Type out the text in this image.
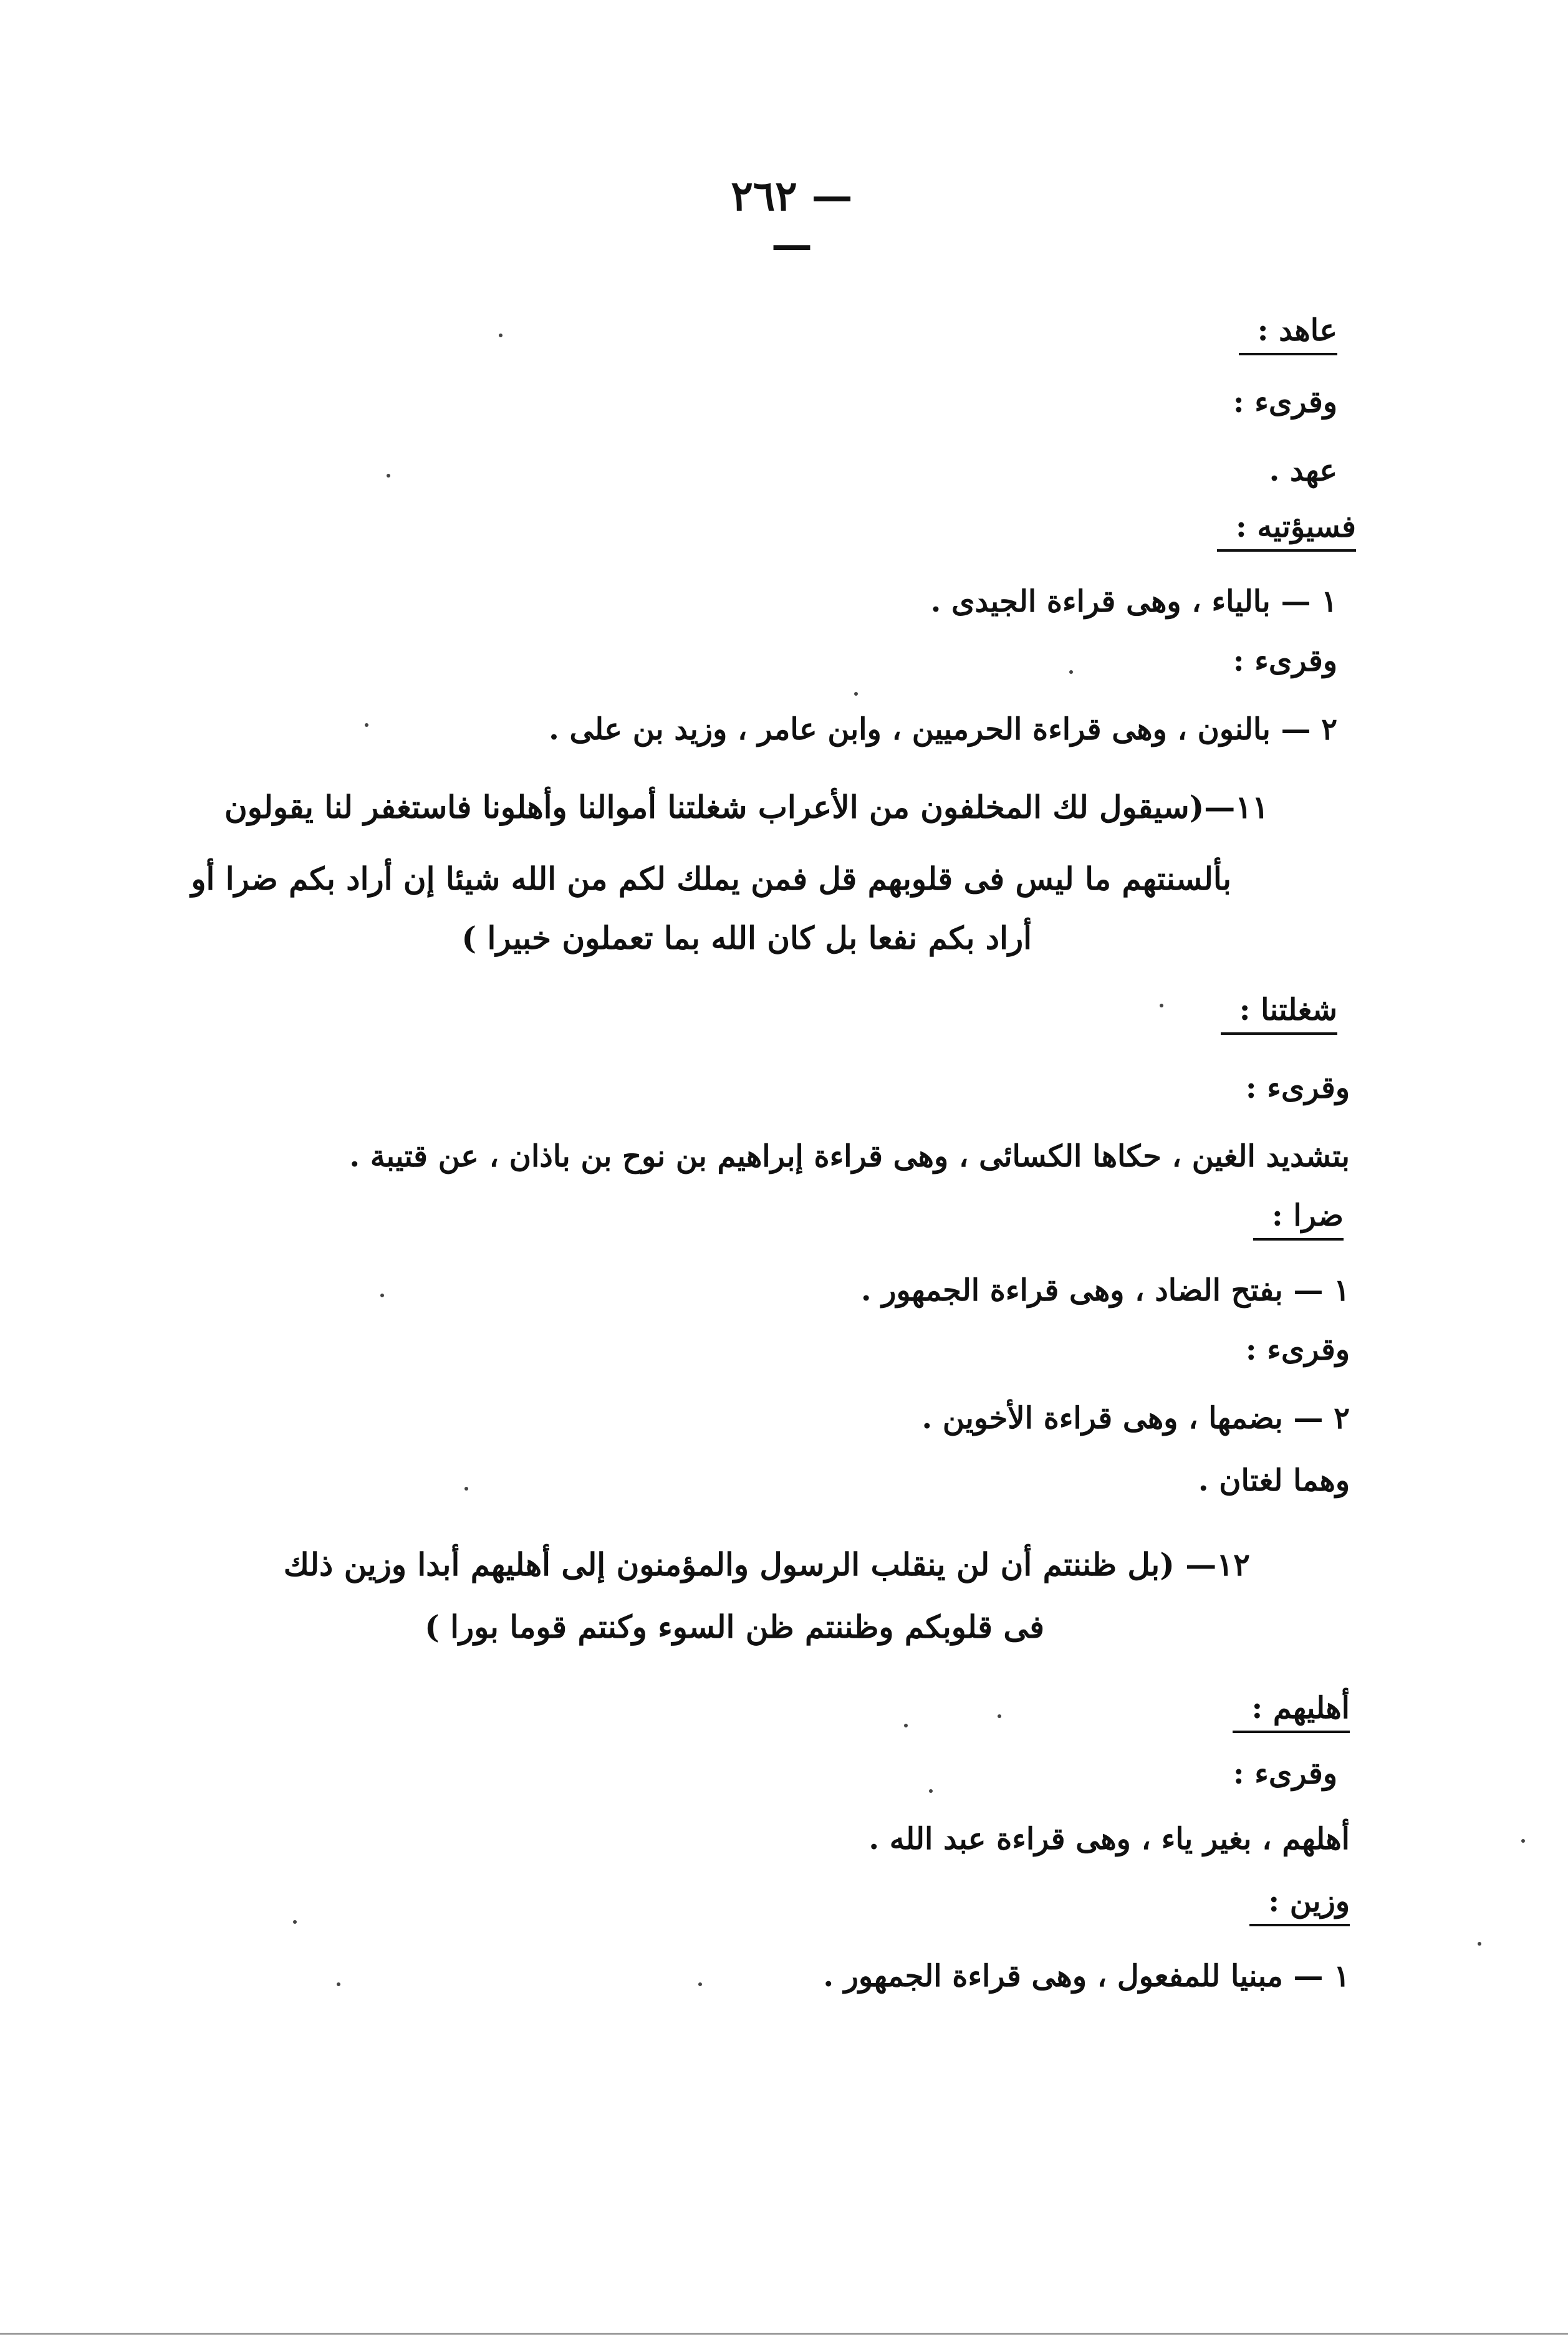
— ٢٦٢ —
عاهد :
وقرىء :
عهد .
فسيؤتيه :
١ — بالياء ، وهى قراءة الجيدى .
وقرىء :
٢ — بالنون ، وهى قراءة الحرميين ، وابن عامر ، وزيد بن على .
١١—(سيقول لك المخلفون من الأعراب شغلتنا أموالنا وأهلونا فاستغفر لنا يقولون
بألسنتهم ما ليس فى قلوبهم قل فمن يملك لكم من الله شيئا إن أراد بكم ضرا أو
أراد بكم نفعا بل كان الله بما تعملون خبيرا )
شغلتنا :
وقرىء :
بتشديد الغين ، حكاها الكسائى ، وهى قراءة إبراهيم بن نوح بن باذان ، عن قتيبة .
ضرا :
١ — بفتح الضاد ، وهى قراءة الجمهور .
وقرىء :
٢ — بضمها ، وهى قراءة الأخوين .
وهما لغتان .
١٢— (بل ظننتم أن لن ينقلب الرسول والمؤمنون إلى أهليهم أبدا وزين ذلك
فى قلوبكم وظننتم ظن السوء وكنتم قوما بورا )
أهليهم :
وقرىء :
أهلهم ، بغير ياء ، وهى قراءة عبد الله .
وزين :
١ — مبنيا للمفعول ، وهى قراءة الجمهور .
